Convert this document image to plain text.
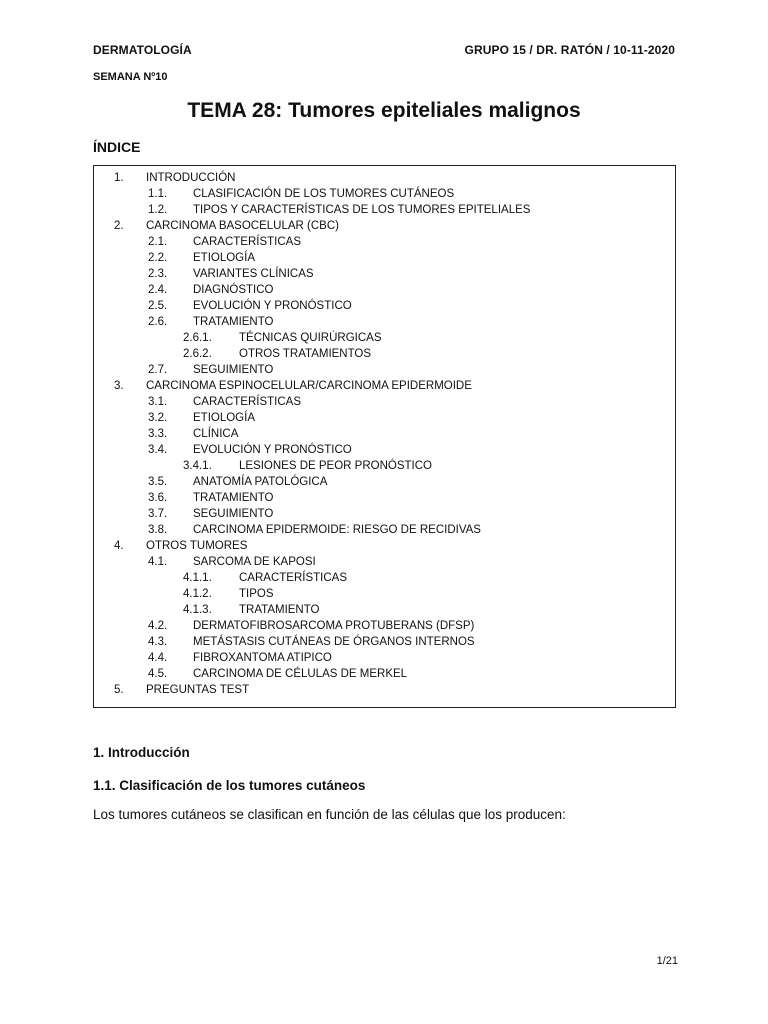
DERMATOLOGÍA	GRUPO 15 / DR. RATÓN / 10-11-2020
SEMANA Nº10
TEMA 28: Tumores epiteliales malignos
ÍNDICE
1. INTRODUCCIÓN
1.1. CLASIFICACIÓN DE LOS TUMORES CUTÁNEOS
1.2. TIPOS Y CARACTERÍSTICAS DE LOS TUMORES EPITELIALES
2. CARCINOMA BASOCELULAR (CBC)
2.1. CARACTERÍSTICAS
2.2. ETIOLOGÍA
2.3. VARIANTES CLÍNICAS
2.4. DIAGNÓSTICO
2.5. EVOLUCIÓN Y PRONÓSTICO
2.6. TRATAMIENTO
2.6.1. TÉCNICAS QUIRÚRGICAS
2.6.2. OTROS TRATAMIENTOS
2.7. SEGUIMIENTO
3. CARCINOMA ESPINOCELULAR/CARCINOMA EPIDERMOIDE
3.1. CARACTERÍSTICAS
3.2. ETIOLOGÍA
3.3. CLÍNICA
3.4. EVOLUCIÓN Y PRONÓSTICO
3.4.1. LESIONES DE PEOR PRONÓSTICO
3.5. ANATOMÍA PATOLÓGICA
3.6. TRATAMIENTO
3.7. SEGUIMIENTO
3.8. CARCINOMA EPIDERMOIDE: RIESGO DE RECIDIVAS
4. OTROS TUMORES
4.1. SARCOMA DE KAPOSI
4.1.1. CARACTERÍSTICAS
4.1.2. TIPOS
4.1.3. TRATAMIENTO
4.2. DERMATOFIBROSARCOMA PROTUBERANS (DFSP)
4.3. METÁSTASIS CUTÁNEAS DE ÓRGANOS INTERNOS
4.4. FIBROXANTOMA ATIPICO
4.5. CARCINOMA DE CÉLULAS DE MERKEL
5. PREGUNTAS TEST
1. Introducción
1.1. Clasificación de los tumores cutáneos
Los tumores cutáneos se clasifican en función de las células que los producen:
1/21
